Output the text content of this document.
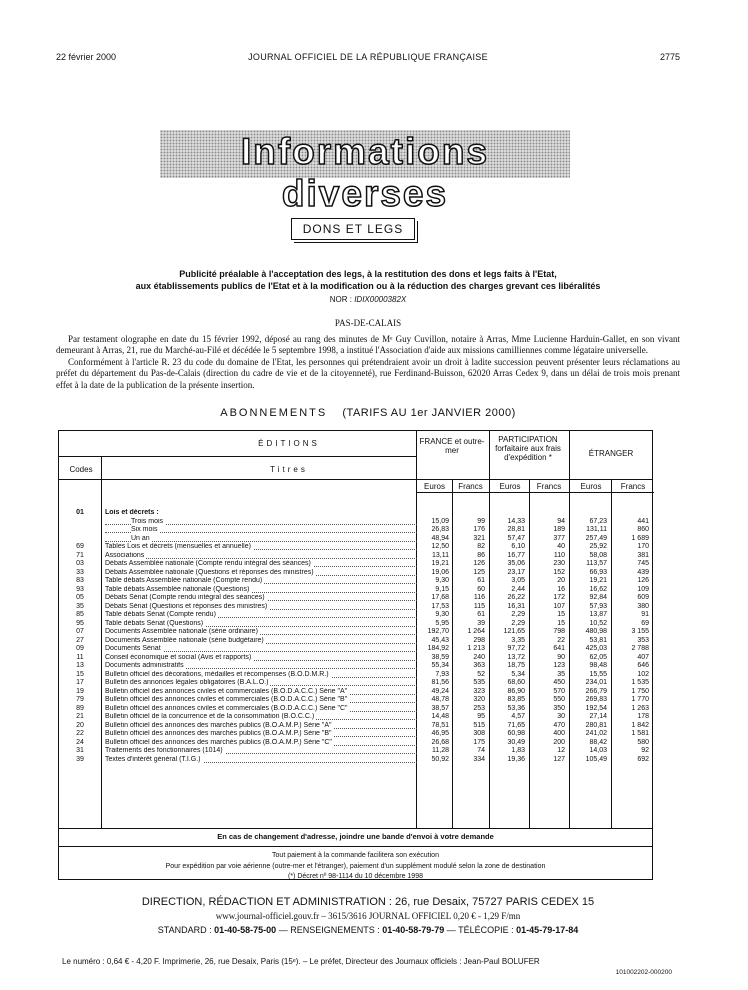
22 février 2000	JOURNAL OFFICIEL DE LA RÉPUBLIQUE FRANÇAISE	2775
Informations diverses
DONS ET LEGS
Publicité préalable à l'acceptation des legs, à la restitution des dons et legs faits à l'Etat,
aux établissements publics de l'Etat et à la modification ou à la réduction des charges grevant ces libéralités
NOR : IDIX0000382X
PAS-DE-CALAIS

Par testament olographe en date du 15 février 1992, déposé au rang des minutes de Mᵉ Guy Cuvillon, notaire à Arras, Mme Lucienne Harduin-Gallet, en son vivant demeurant à Arras, 21, rue du Marché-au-Filé et décédée le 5 septembre 1998, a institué l'Association d'aide aux missions camilliennes comme légataire universelle.

Conformément à l'article R. 23 du code du domaine de l'Etat, les personnes qui prétendraient avoir un droit à ladite succession peuvent présenter leurs réclamations au préfet du département du Pas-de-Calais (direction du cadre de vie et de la citoyenneté), rue Ferdinand-Buisson, 62020 Arras Cedex 9, dans un délai de trois mois prenant effet à la date de la publication de la présente insertion.

ABONNEMENTS (TARIFS AU 1er JANVIER 2000)
ÉDITIONS
Codes	Titres
FRANCE et outre-mer
PARTICIPATION forfaitaire aux frais d'expédition *	ÉTRANGER
Euros	Francs	Euros	Francs	Euros	Francs
01	Lois et décrets :
Trois mois	15,09	99	14,33	94	67,23	441
Six mois	26,83	176	28,81	189	131,11	860
Un an	48,94	321	57,47	377	257,49	1 689
69	Tables Lois et décrets (mensuelles et annuelle)	12,50	82	6,10	40	25,92	170
71	Associations	13,11	86	16,77	110	58,08	381
03	Débats Assemblée nationale (Compte rendu intégral des séances)	19,21	126	35,06	230	113,57	745
33	Débats Assemblée nationale (Questions et réponses des ministres)	19,06	125	23,17	152	66,93	439
83	Table débats Assemblée nationale (Compte rendu)	9,30	61	3,05	20	19,21	126
93	Table débats Assemblée nationale (Questions)	9,15	60	2,44	16	16,62	109
05	Débats Sénat (Compte rendu intégral des séances)	17,68	116	26,22	172	92,84	609
35	Débats Sénat (Questions et réponses des ministres)	17,53	115	16,31	107	57,93	380
85	Table débats Sénat (Compte rendu)	9,30	61	2,29	15	13,87	91
95	Table débats Sénat (Questions)	5,95	39	2,29	15	10,52	69
07	Documents Assemblée nationale (série ordinaire)	192,70	1 264	121,65	798	480,98	3 155
27	Documents Assemblée nationale (série budgétaire)	45,43	298	3,35	22	53,81	353
09	Documents Sénat	184,92	1 213	97,72	641	425,03	2 788
11	Conseil économique et social (Avis et rapports)	38,59	240	13,72	90	62,05	407
13	Documents administratifs	55,34	363	18,75	123	98,48	646
15	Bulletin officiel des décorations, médailles et récompenses (B.O.D.M.R.)	7,93	52	5,34	35	15,55	102
17	Bulletin des annonces légales obligatoires (B.A.L.O.)	81,56	535	68,60	450	234,01	1 535
19	Bulletin officiel des annonces civiles et commerciales (B.O.D.A.C.C.) Série "A"	49,24	323	86,90	570	266,79	1 750
79	Bulletin officiel des annonces civiles et commerciales (B.O.D.A.C.C.) Série "B"	48,78	320	83,85	550	269,83	1 770
89	Bulletin officiel des annonces civiles et commerciales (B.O.D.A.C.C.) Série "C"	38,57	253	53,36	350	192,54	1 263
21	Bulletin officiel de la concurrence et de la consommation (B.O.C.C.)	14,48	95	4,57	30	27,14	178
20	Bulletin officiel des annonces des marchés publics (B.O.A.M.P.) Série "A"	78,51	515	71,65	470	280,81	1 842
22	Bulletin officiel des annonces des marchés publics (B.O.A.M.P.) Série "B"	46,95	308	60,98	400	241,02	1 581
24	Bulletin officiel des annonces des marchés publics (B.O.A.M.P.) Série "C"	26,68	175	30,49	200	88,42	580
31	Traitements des fonctionnaires (1014)	11,28	74	1,83	12	14,03	92
39	Textes d'intérêt général (T.I.G.)	50,92	334	19,36	127	105,49	692
En cas de changement d'adresse, joindre une bande d'envoi à votre demande
Tout paiement à la commande facilitera son exécution
Pour expédition par voie aérienne (outre-mer et l'étranger), paiement d'un supplément modulé selon la zone de destination
(*) Décret nº 98-1114 du 10 décembre 1998
DIRECTION, RÉDACTION ET ADMINISTRATION : 26, rue Desaix, 75727 PARIS CEDEX 15
www.journal-officiel.gouv.fr – 3615/3616 JOURNAL OFFICIEL 0,20 € - 1,29 F/mn
STANDARD : 01-40-58-75-00 — RENSEIGNEMENTS : 01-40-58-79-79 — TÉLÉCOPIE : 01-45-79-17-84
Le numéro : 0,64 € - 4,20 F. Imprimerie, 26, rue Desaix, Paris (15ᵉ). – Le préfet, Directeur des Journaux officiels : Jean-Paul BOLUFER
101002202-000200
